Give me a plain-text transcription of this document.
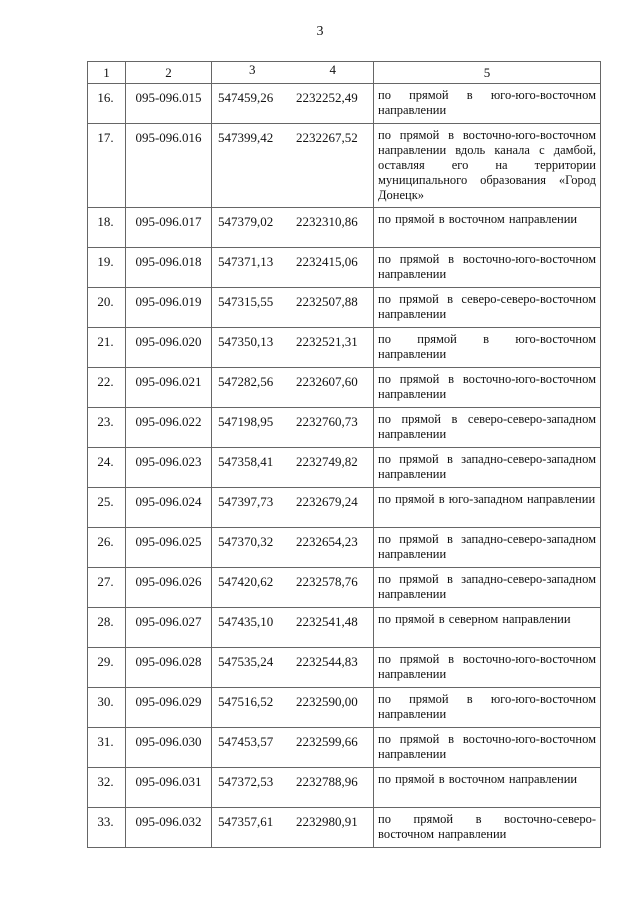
3
1	2	3 4	5
16.	095-096.015	547459,26 2232252,49	по прямой в юго-юго-восточном направлении
17.	095-096.016	547399,42 2232267,52	по прямой в восточно-юго-восточном направлении вдоль канала с дамбой, оставляя его на территории муниципального образования «Город Донецк»
18.	095-096.017	547379,02 2232310,86	по прямой в восточном направлении
19.	095-096.018	547371,13 2232415,06	по прямой в восточно-юго-восточном направлении
20.	095-096.019	547315,55 2232507,88	по прямой в северо-северо-восточном направлении
21.	095-096.020	547350,13 2232521,31	по прямой в юго-восточном направлении
22.	095-096.021	547282,56 2232607,60	по прямой в восточно-юго-восточном направлении
23.	095-096.022	547198,95 2232760,73	по прямой в северо-северо-западном направлении
24.	095-096.023	547358,41 2232749,82	по прямой в западно-северо-западном направлении
25.	095-096.024	547397,73 2232679,24	по прямой в юго-западном направлении
26.	095-096.025	547370,32 2232654,23	по прямой в западно-северо-западном направлении
27.	095-096.026	547420,62 2232578,76	по прямой в западно-северо-западном направлении
28.	095-096.027	547435,10 2232541,48	по прямой в северном направлении
29.	095-096.028	547535,24 2232544,83	по прямой в восточно-юго-восточном направлении
30.	095-096.029	547516,52 2232590,00	по прямой в юго-юго-восточном направлении
31.	095-096.030	547453,57 2232599,66	по прямой в восточно-юго-восточном направлении
32.	095-096.031	547372,53 2232788,96	по прямой в восточном направлении
33.	095-096.032	547357,61 2232980,91	по прямой в восточно-северо-восточном направлении
